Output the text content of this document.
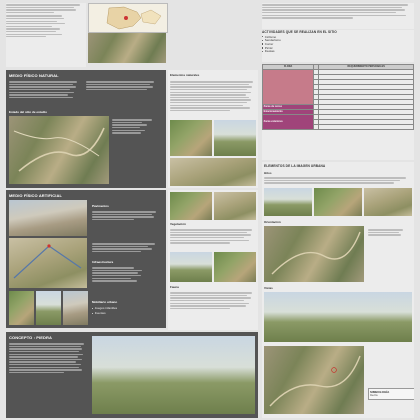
MEDIO FÍSICO NATURAL
Estado del sitio de estudio
Elementos naturales
ACTIVIDADES QUE SE REALIZAN EN EL SITIO
Ciclismo
Senderismo
Correr
Picnic
Fiestas
FLORA		REQUERIMIENTO PERSONALES

Zonas de recreo		
Estacionamiento		
Zonas exteriores		

MEDIO FÍSICO ARTIFICIAL
Pavimentos
Infraestructura
Mobiliario urbano
Juegos infantiles
Fuentes
Vegetación
Fauna
ELEMENTOS DE LA IMAGEN URBANA
Hitos
Orientación
Vistas
SIMBOLOGÍA
Cerro
CONCEPTO : PIEDRA
